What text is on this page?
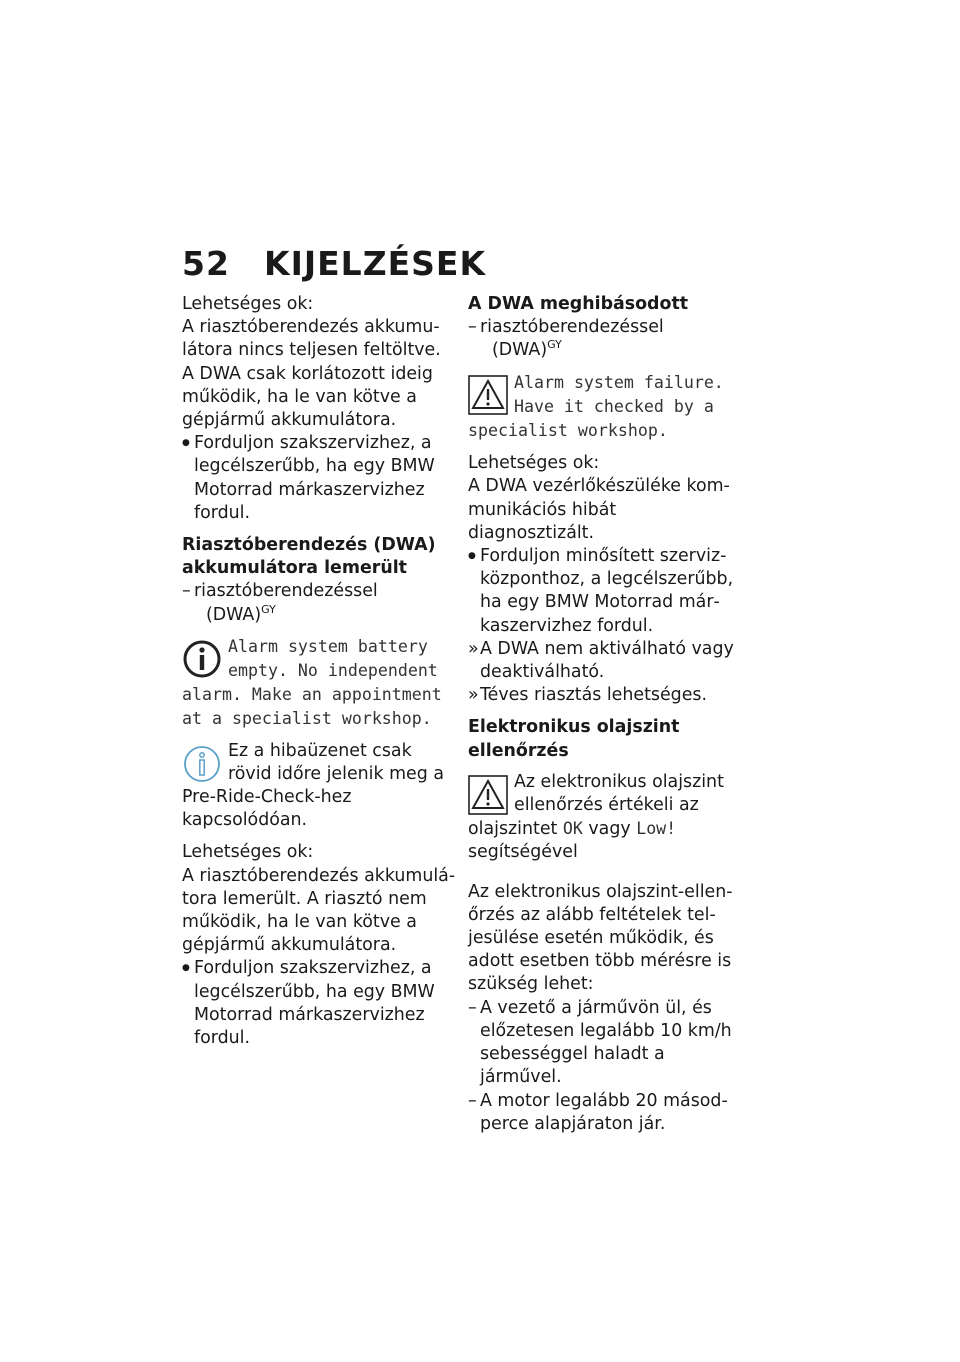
52 KIJELZÉSEK

Lehetséges ok:

A riasztóberendezés akkumulátora nincs teljesen feltöltve. A DWA csak korlátozott ideig működik, ha le van kötve a gépjármű akkumulátora.

● Forduljon szakszervizhez, a legcélszerűbb, ha egy BMW Motorrad márkaszervizhez fordul.

Riasztóberendezés (DWA) akkumulátora lemerült

– riasztóberendezéssel

(DWA)$^{GY}$

Alarm system battery empty. No independent alarm. Make an appointment at a specialist workshop.
Ez a hibaüzenet csak rövid időre jelenik meg a Pre-Ride-Check-hez kapcsolódóan.

Lehetséges ok:

A riasztóberendezés akkumulátora lemerült. A riasztó nem működik, ha le van kötve a gépjármű akkumulátora.

● Forduljon szakszervizhez, a legcélszerűbb, ha egy BMW Motorrad márkaszervizhez fordul.

A DWA meghibásodott

– riasztóberendezéssel

(DWA)$^{GY}$

Alarm system failure. Have it checked by a specialist workshop.

Lehetséges ok:

A DWA vezérlőkészüléke kommunikációs hibát diagnosztizált.

● Forduljon minősített szervizközponthoz, a legcélszerűbb, ha egy BMW Motorrad márkaszervizhez fordul.

» A DWA nem aktiválható vagy deaktiválható.

» Téves riasztás lehetséges.

Elektronikus olajszint ellenőrzés

Az elektronikus olajszint ellenőrzés értékeli az olajszintet OK vagy Low! segítségével

Az elektronikus olajszint-ellenőrzés az alább feltételek teljesülése esetén működik, és adott esetben több mérésre is szükség lehet:

– A vezető a járművön ül, és előzetesen legalább 10 km/h sebességgel haladt a járművel.

– A motor legalább 20 másodperce alapjáraton jár.
